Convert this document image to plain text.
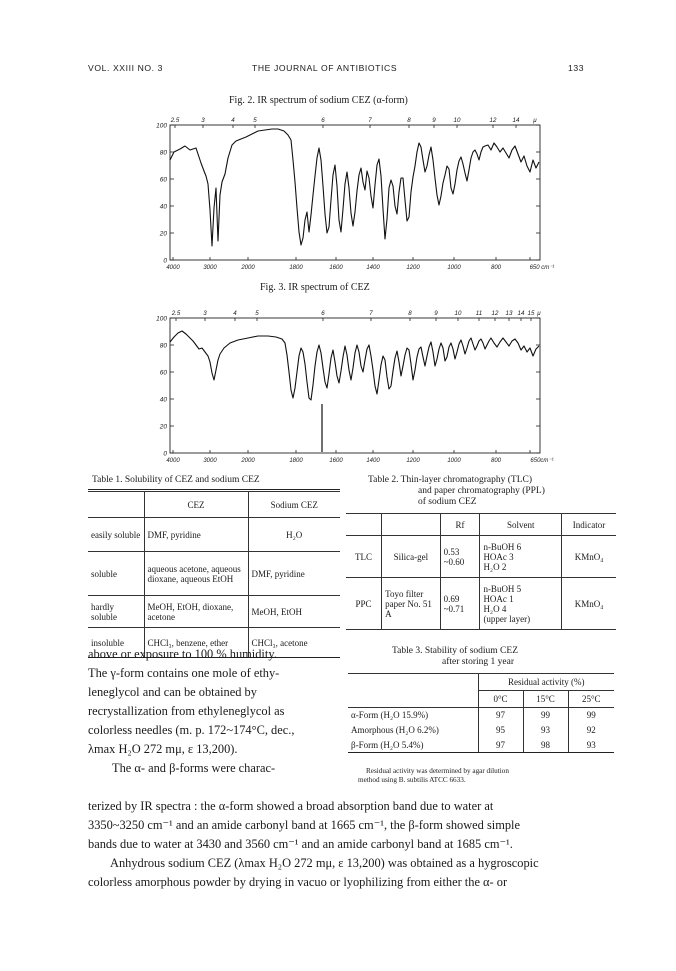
VOL. XXIII NO. 3	THE JOURNAL OF ANTIBIOTICS	133
Fig. 2. IR spectrum of sodium CEZ (α-form)
100
80
60
40
20
0
2.5	3	4	5	6	7	8	9	10	12	14 μ
4000	3000	2000	1800	1600	1400	1200	1000	800	650 cm⁻¹
Fig. 3. IR spectrum of CEZ
100
80
60
40
20
0
2.5	3	4	5	6	7	8	9	10 11 12 13 14 15 μ
4000	3000	2000	1800	1600	1400	1200	1000	800	650cm⁻¹
Table 1. Solubility of CEZ and sodium CEZ
	CEZ	Sodium CEZ
easily soluble	DMF, pyridine	H₂O
soluble	aqueous acetone, aqueous dioxane, aqueous EtOH	DMF, pyridine
hardly soluble	MeOH, EtOH, dioxane, acetone	MeOH, EtOH
insoluble	CHCl₃, benzene, ether	CHCl₃, acetone
Table 2. Thin-layer chromatography (TLC)
and paper chromatography (PPL)
of sodium CEZ
		Rf	Solvent	Indicator
TLC	Silica-gel	0.53 ~0.60	n-BuOH 6
HOAc 3
H₂O 2	KMnO₄
PPC	Toyo filter paper No. 51 A	0.69 ~0.71	n-BuOH 5
HOAc 1
H₂O 4
(upper layer)	KMnO₄
Table 3. Stability of sodium CEZ
after storing 1 year
	Residual activity (%)		
	0°C	15°C	25°C
α-Form (H₂O 15.9%)	97	99	99
Amorphous (H₂O 6.2%)	95	93	92
β-Form (H₂O 5.4%)	97	98	93
Residual activity was determined by agar dilution
method using B. subtilis ATCC 6633.
above or exposure to 100 % humidity.
The γ-form contains one mole of ethy-
leneglycol and can be obtained by
recrystallization from ethyleneglycol as
colorless needles (m. p. 172~174°C, dec.,
λmax H₂O 272 mμ, ε 13,200).
The α- and β-forms were charac-
terized by IR spectra : the α-form showed a broad absorption band due to water at
3350~3250 cm⁻¹ and an amide carbonyl band at 1665 cm⁻¹, the β-form showed simple
bands due to water at 3430 and 3560 cm⁻¹ and an amide carbonyl band at 1685 cm⁻¹.
Anhydrous sodium CEZ (λmax H₂O 272 mμ, ε 13,200) was obtained as a hygroscopic
colorless amorphous powder by drying in vacuo or lyophilizing from either the α- or
